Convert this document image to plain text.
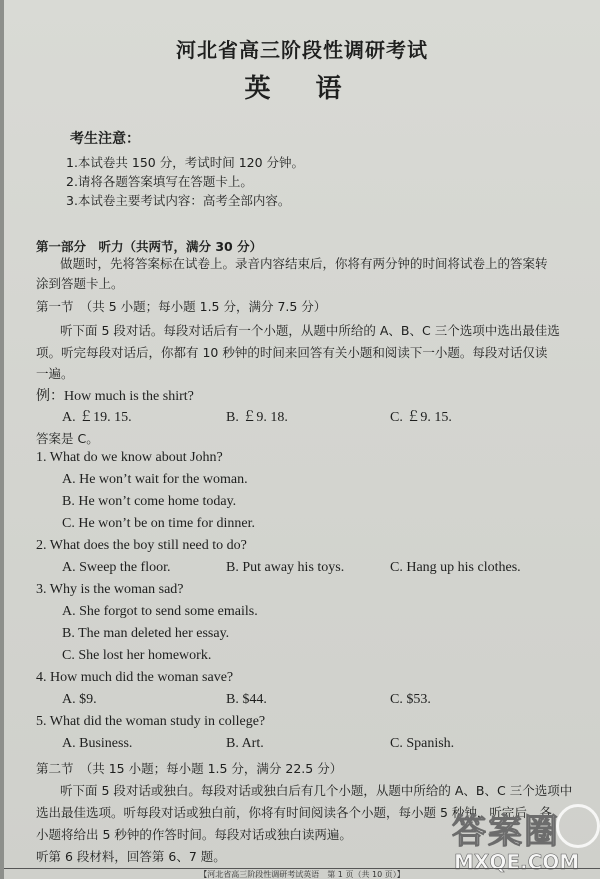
河北省高三阶段性调研考试
英 语
考生注意：
1.本试卷共 150 分，考试时间 120 分钟。
2.请将各题答案填写在答题卡上。
3.本试卷主要考试内容：高考全部内容。
第一部分　听力（共两节，满分 30 分）
做题时，先将答案标在试卷上。录音内容结束后，你将有两分钟的时间将试卷上的答案转
涂到答题卡上。
第一节　（共 5 小题；每小题 1.5 分，满分 7.5 分）
听下面 5 段对话。每段对话后有一个小题，从题中所给的 A、B、C 三个选项中选出最佳选
项。听完每段对话后，你都有 10 秒钟的时间来回答有关小题和阅读下一小题。每段对话仅读
一遍。
例：How much is the shirt?
A. ￡19. 15.	B. ￡9. 18.	C. ￡9. 15.
答案是 C。
1. What do we know about John?
A. He won’t wait for the woman.
B. He won’t come home today.
C. He won’t be on time for dinner.
2. What does the boy still need to do?
A. Sweep the floor.	B. Put away his toys.	C. Hang up his clothes.
3. Why is the woman sad?
A. She forgot to send some emails.
B. The man deleted her essay.
C. She lost her homework.
4. How much did the woman save?
A. $9.	B. $44.	C. $53.
5. What did the woman study in college?
A. Business.	B. Art.	C. Spanish.
第二节　（共 15 小题；每小题 1.5 分，满分 22.5 分）
听下面 5 段对话或独白。每段对话或独白后有几个小题，从题中所给的 A、B、C 三个选项中
选出最佳选项。听每段对话或独白前，你将有时间阅读各个小题，每小题 5 秒钟，听完后，各
小题将给出 5 秒钟的作答时间。每段对话或独白读两遍。
听第 6 段材料，回答第 6、7 题。
答案圈
MXQE.COM
【河北省高三阶段性调研考试英语　第 1 页（共 10 页）】
